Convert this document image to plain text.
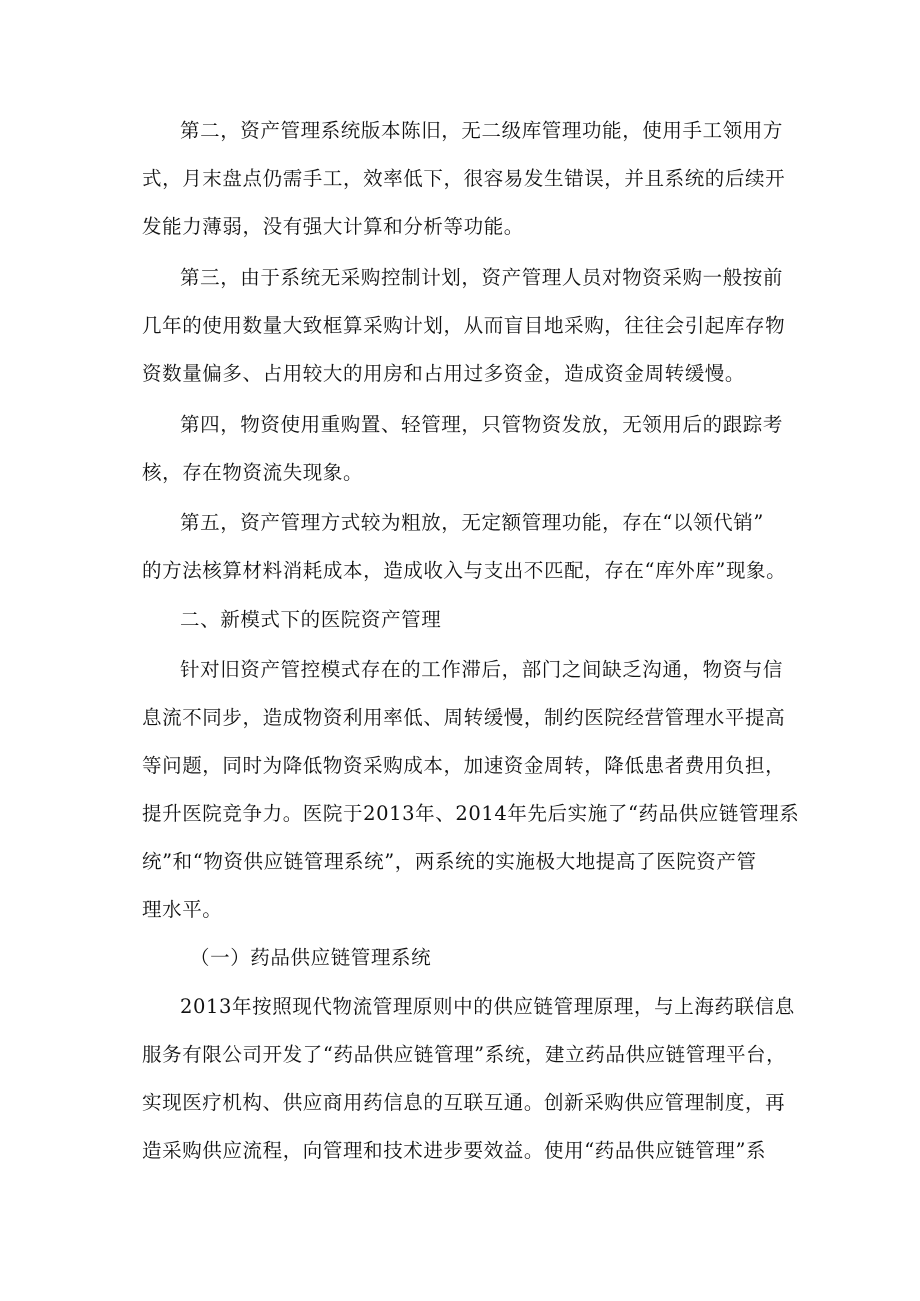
第二，资产管理系统版本陈旧，无二级库管理功能，使用手工领用方
式，月末盘点仍需手工，效率低下，很容易发生错误，并且系统的后续开
发能力薄弱，没有强大计算和分析等功能。
第三，由于系统无采购控制计划，资产管理人员对物资采购一般按前
几年的使用数量大致框算采购计划，从而盲目地采购，往往会引起库存物
资数量偏多、占用较大的用房和占用过多资金，造成资金周转缓慢。
第四，物资使用重购置、轻管理，只管物资发放，无领用后的跟踪考
核，存在物资流失现象。
第五，资产管理方式较为粗放，无定额管理功能，存在“以领代销”
的方法核算材料消耗成本，造成收入与支出不匹配，存在“库外库”现象。
二、新模式下的医院资产管理
针对旧资产管控模式存在的工作滞后，部门之间缺乏沟通，物资与信
息流不同步，造成物资利用率低、周转缓慢，制约医院经营管理水平提高
等问题，同时为降低物资采购成本，加速资金周转，降低患者费用负担，
提升医院竞争力。医院于2013年、2014年先后实施了“药品供应链管理系
统”和“物资供应链管理系统”，两系统的实施极大地提高了医院资产管
理水平。
（一）药品供应链管理系统
2013年按照现代物流管理原则中的供应链管理原理，与上海药联信息
服务有限公司开发了“药品供应链管理”系统，建立药品供应链管理平台，
实现医疗机构、供应商用药信息的互联互通。创新采购供应管理制度，再
造采购供应流程，向管理和技术进步要效益。使用“药品供应链管理”系
